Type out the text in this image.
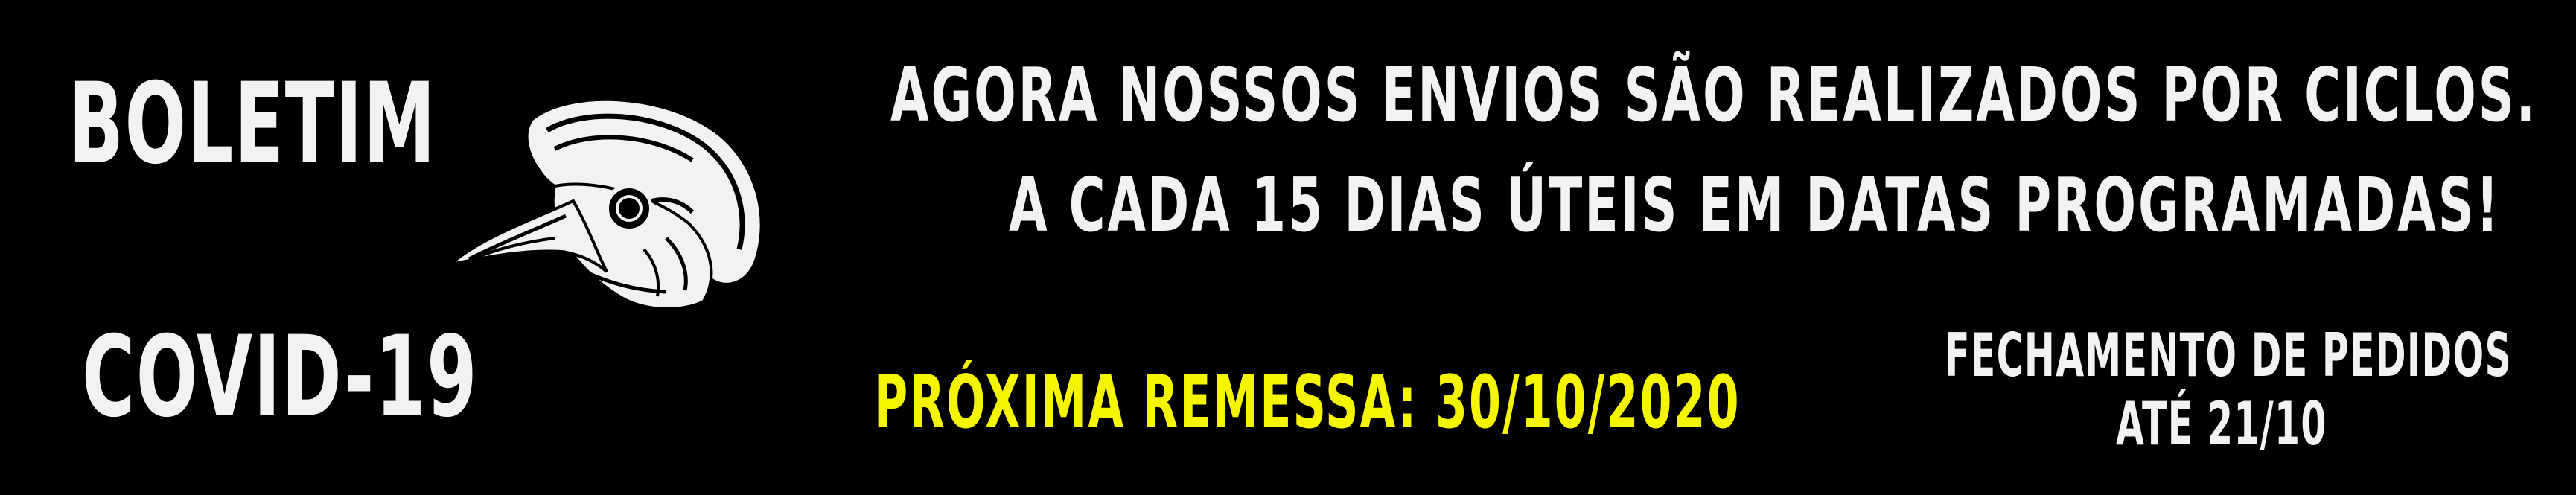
BOLETIM

COVID-19

AGORA NOSSOS ENVIOS SÃO REALIZADOS POR CICLOS.

A CADA 15 DIAS ÚTEIS EM DATAS PROGRAMADAS!

PRÓXIMA REMESSA: 30/10/2020

FECHAMENTO DE PEDIDOS

ATÉ 21/10
